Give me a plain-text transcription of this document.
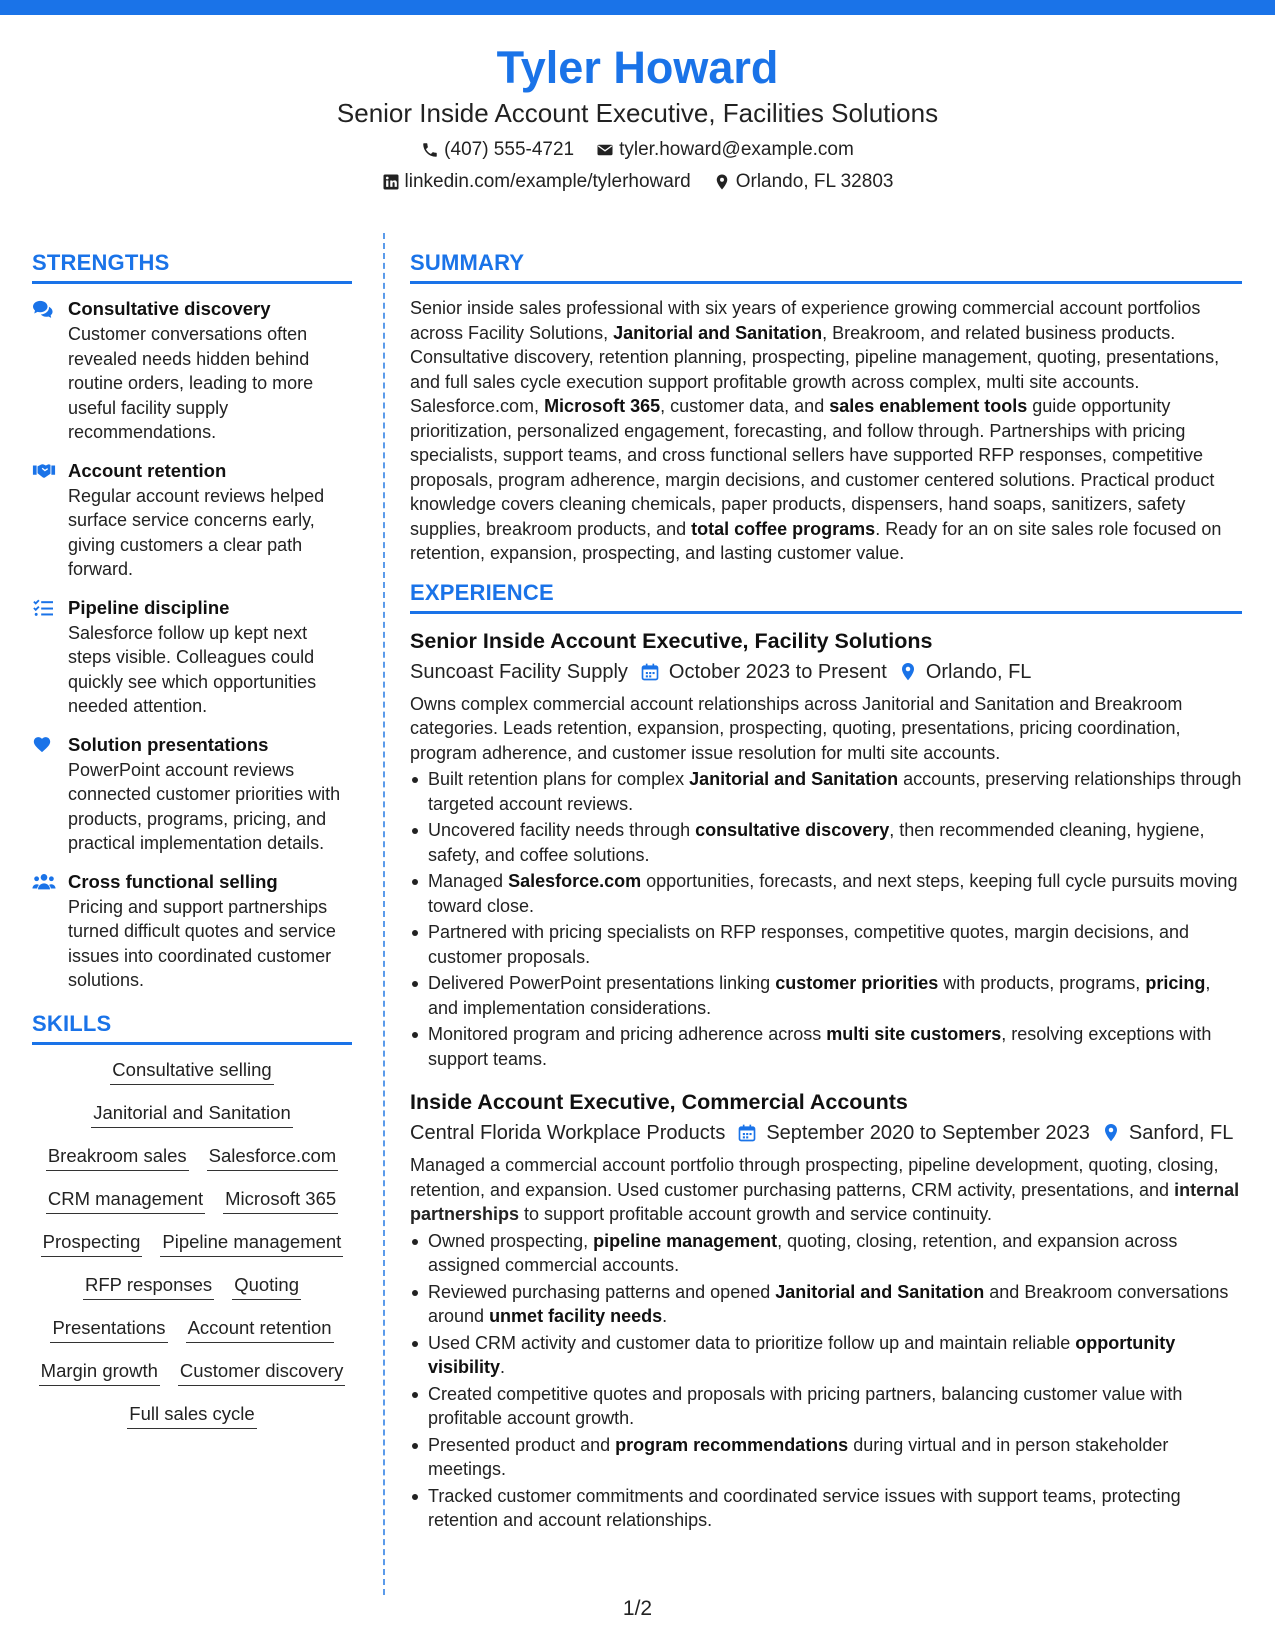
Tyler Howard
Senior Inside Account Executive, Facilities Solutions
(407) 555-4721 tyler.howard@example.com
linkedin.com/example/tylerhoward Orlando, FL 32803
STRENGTHS
Consultative discovery
Customer conversations often revealed needs hidden behind routine orders, leading to more useful facility supply recommendations.
Account retention
Regular account reviews helped surface service concerns early, giving customers a clear path forward.
Pipeline discipline
Salesforce follow up kept next steps visible. Colleagues could quickly see which opportunities needed attention.
Solution presentations
PowerPoint account reviews connected customer priorities with products, programs, pricing, and practical implementation details.
Cross functional selling
Pricing and support partnerships turned difficult quotes and service issues into coordinated customer solutions.
SKILLS
Consultative selling
Janitorial and Sanitation
Breakroom sales Salesforce.com
CRM management Microsoft 365
Prospecting Pipeline management
RFP responses Quoting
Presentations Account retention
Margin growth Customer discovery
Full sales cycle
SUMMARY
Senior inside sales professional with six years of experience growing commercial account portfolios across Facility Solutions, Janitorial and Sanitation, Breakroom, and related business products. Consultative discovery, retention planning, prospecting, pipeline management, quoting, presentations, and full sales cycle execution support profitable growth across complex, multi site accounts. Salesforce.com, Microsoft 365, customer data, and sales enablement tools guide opportunity prioritization, personalized engagement, forecasting, and follow through. Partnerships with pricing specialists, support teams, and cross functional sellers have supported RFP responses, competitive proposals, program adherence, margin decisions, and customer centered solutions. Practical product knowledge covers cleaning chemicals, paper products, dispensers, hand soaps, sanitizers, safety supplies, breakroom products, and total coffee programs. Ready for an on site sales role focused on retention, expansion, prospecting, and lasting customer value.
EXPERIENCE
Senior Inside Account Executive, Facility Solutions
Suncoast Facility Supply October 2023 to Present Orlando, FL
Owns complex commercial account relationships across Janitorial and Sanitation and Breakroom categories. Leads retention, expansion, prospecting, quoting, presentations, pricing coordination, program adherence, and customer issue resolution for multi site accounts.
Built retention plans for complex Janitorial and Sanitation accounts, preserving relationships through targeted account reviews.
Uncovered facility needs through consultative discovery, then recommended cleaning, hygiene, safety, and coffee solutions.
Managed Salesforce.com opportunities, forecasts, and next steps, keeping full cycle pursuits moving toward close.
Partnered with pricing specialists on RFP responses, competitive quotes, margin decisions, and customer proposals.
Delivered PowerPoint presentations linking customer priorities with products, programs, pricing, and implementation considerations.
Monitored program and pricing adherence across multi site customers, resolving exceptions with support teams.
Inside Account Executive, Commercial Accounts
Central Florida Workplace Products September 2020 to September 2023 Sanford, FL
Managed a commercial account portfolio through prospecting, pipeline development, quoting, closing, retention, and expansion. Used customer purchasing patterns, CRM activity, presentations, and internal partnerships to support profitable account growth and service continuity.
Owned prospecting, pipeline management, quoting, closing, retention, and expansion across assigned commercial accounts.
Reviewed purchasing patterns and opened Janitorial and Sanitation and Breakroom conversations around unmet facility needs.
Used CRM activity and customer data to prioritize follow up and maintain reliable opportunity visibility.
Created competitive quotes and proposals with pricing partners, balancing customer value with profitable account growth.
Presented product and program recommendations during virtual and in person stakeholder meetings.
Tracked customer commitments and coordinated service issues with support teams, protecting retention and account relationships.
1/2
